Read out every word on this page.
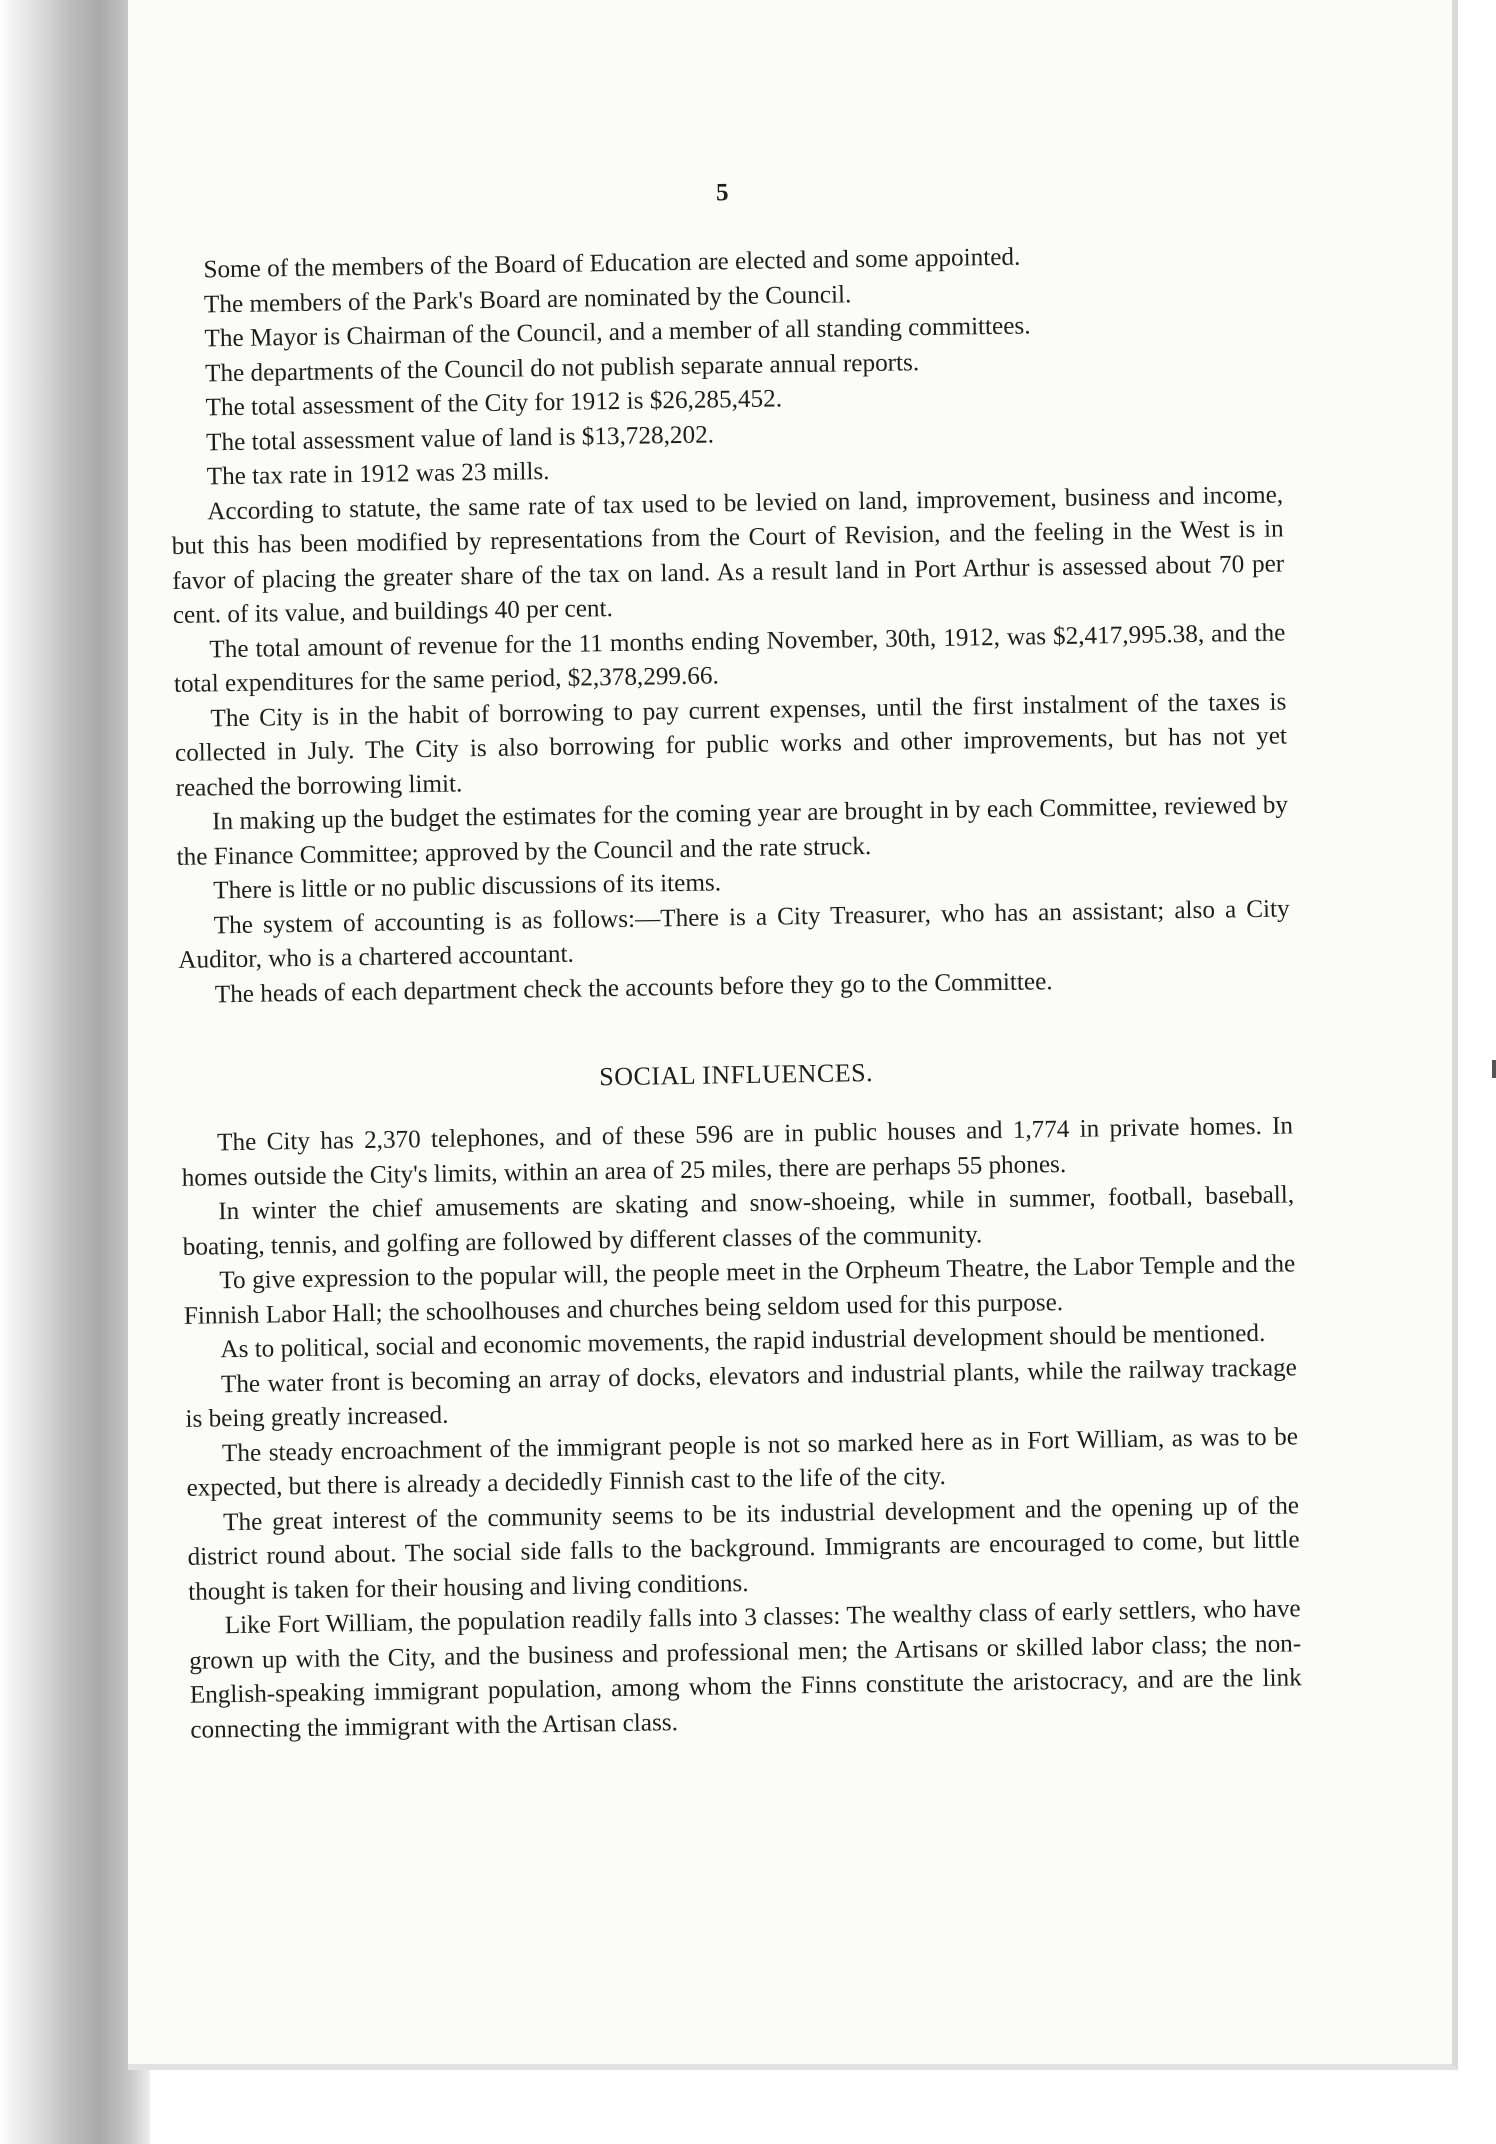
5

Some of the members of the Board of Education are elected and some appointed.

The members of the Park's Board are nominated by the Council.

The Mayor is Chairman of the Council, and a member of all standing committees.

The departments of the Council do not publish separate annual reports.

The total assessment of the City for 1912 is $26,285,452.

The total assessment value of land is $13,728,202.

The tax rate in 1912 was 23 mills.

According to statute, the same rate of tax used to be levied on land, improvement, business and income, but this has been modified by representations from the Court of Revision, and the feeling in the West is in favor of placing the greater share of the tax on land. As a result land in Port Arthur is assessed about 70 per cent. of its value, and buildings 40 per cent.

The total amount of revenue for the 11 months ending November, 30th, 1912, was $2,417,995.38, and the total expenditures for the same period, $2,378,299.66.

The City is in the habit of borrowing to pay current expenses, until the first instalment of the taxes is collected in July. The City is also borrowing for public works and other improvements, but has not yet reached the borrowing limit.

In making up the budget the estimates for the coming year are brought in by each Committee, reviewed by the Finance Committee; approved by the Council and the rate struck.

There is little or no public discussions of its items.

The system of accounting is as follows:—There is a City Treasurer, who has an assistant; also a City Auditor, who is a chartered accountant.

The heads of each department check the accounts before they go to the Committee.

SOCIAL INFLUENCES.

The City has 2,370 telephones, and of these 596 are in public houses and 1,774 in private homes. In homes outside the City's limits, within an area of 25 miles, there are perhaps 55 phones.

In winter the chief amusements are skating and snow-shoeing, while in summer, football, baseball, boating, tennis, and golfing are followed by different classes of the community.

To give expression to the popular will, the people meet in the Orpheum Theatre, the Labor Temple and the Finnish Labor Hall; the schoolhouses and churches being seldom used for this purpose.

As to political, social and economic movements, the rapid industrial development should be mentioned.

The water front is becoming an array of docks, elevators and industrial plants, while the railway trackage is being greatly increased.

The steady encroachment of the immigrant people is not so marked here as in Fort William, as was to be expected, but there is already a decidedly Finnish cast to the life of the city.

The great interest of the community seems to be its industrial development and the opening up of the district round about. The social side falls to the background. Immigrants are encouraged to come, but little thought is taken for their housing and living conditions.

Like Fort William, the population readily falls into 3 classes: The wealthy class of early settlers, who have grown up with the City, and the business and professional men; the Artisans or skilled labor class; the non-English-speaking immigrant population, among whom the Finns constitute the aristocracy, and are the link connecting the immigrant with the Artisan class.
